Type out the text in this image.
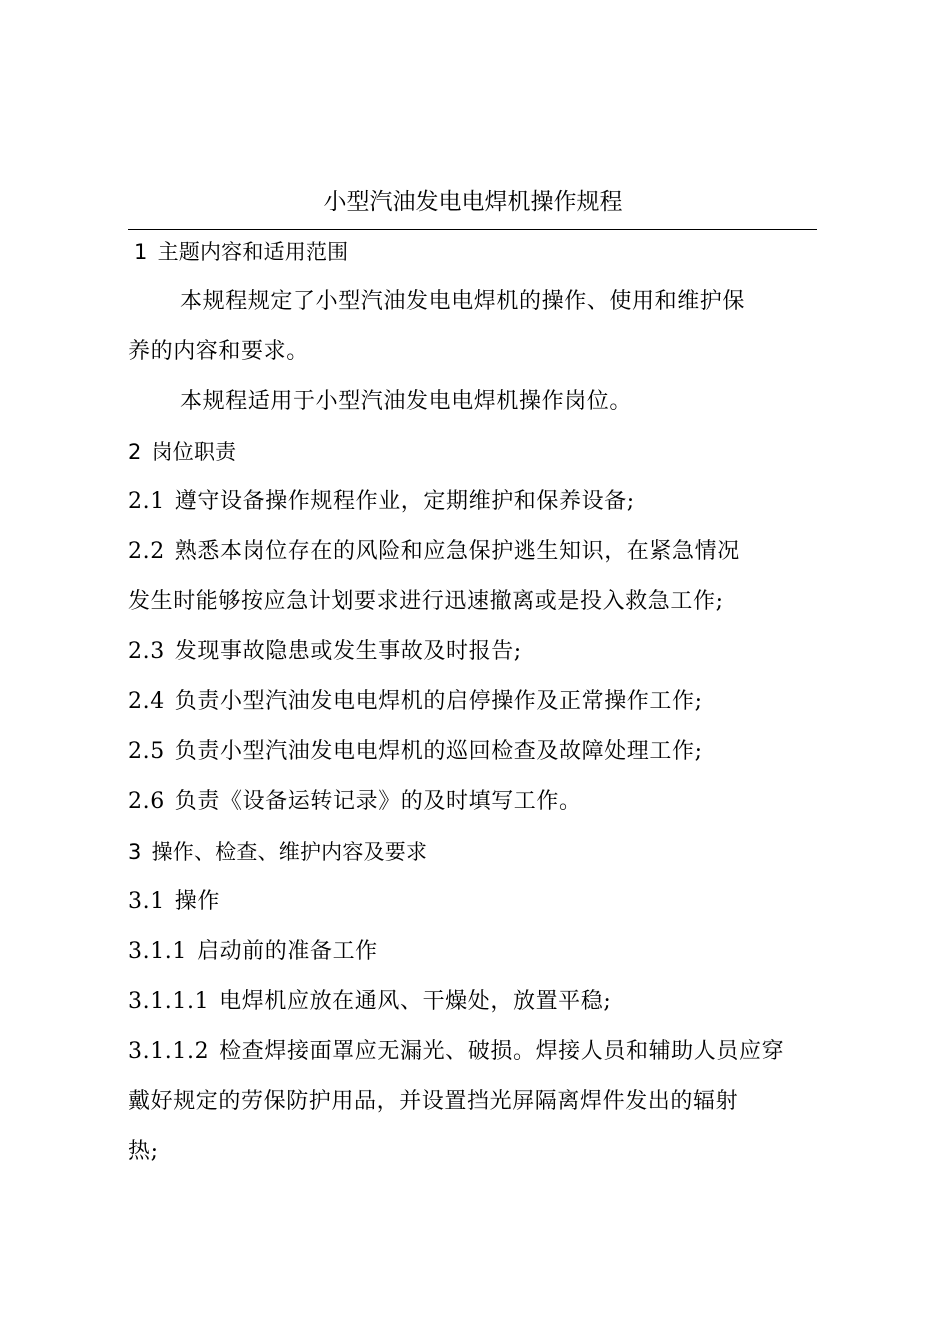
小型汽油发电电焊机操作规程
1 主题内容和适用范围
本规程规定了小型汽油发电电焊机的操作、使用和维护保
养的内容和要求。
本规程适用于小型汽油发电电焊机操作岗位。
2 岗位职责
2.1 遵守设备操作规程作业，定期维护和保养设备;
2.2 熟悉本岗位存在的风险和应急保护逃生知识，在紧急情况
发生时能够按应急计划要求进行迅速撤离或是投入救急工作;
2.3 发现事故隐患或发生事故及时报告;
2.4 负责小型汽油发电电焊机的启停操作及正常操作工作;
2.5 负责小型汽油发电电焊机的巡回检查及故障处理工作;
2.6 负责《设备运转记录》的及时填写工作。
3 操作、检查、维护内容及要求
3.1 操作
3.1.1 启动前的准备工作
3.1.1.1 电焊机应放在通风、干燥处，放置平稳;
3.1.1.2 检查焊接面罩应无漏光、破损。焊接人员和辅助人员应穿
戴好规定的劳保防护用品，并设置挡光屏隔离焊件发出的辐射
热;
